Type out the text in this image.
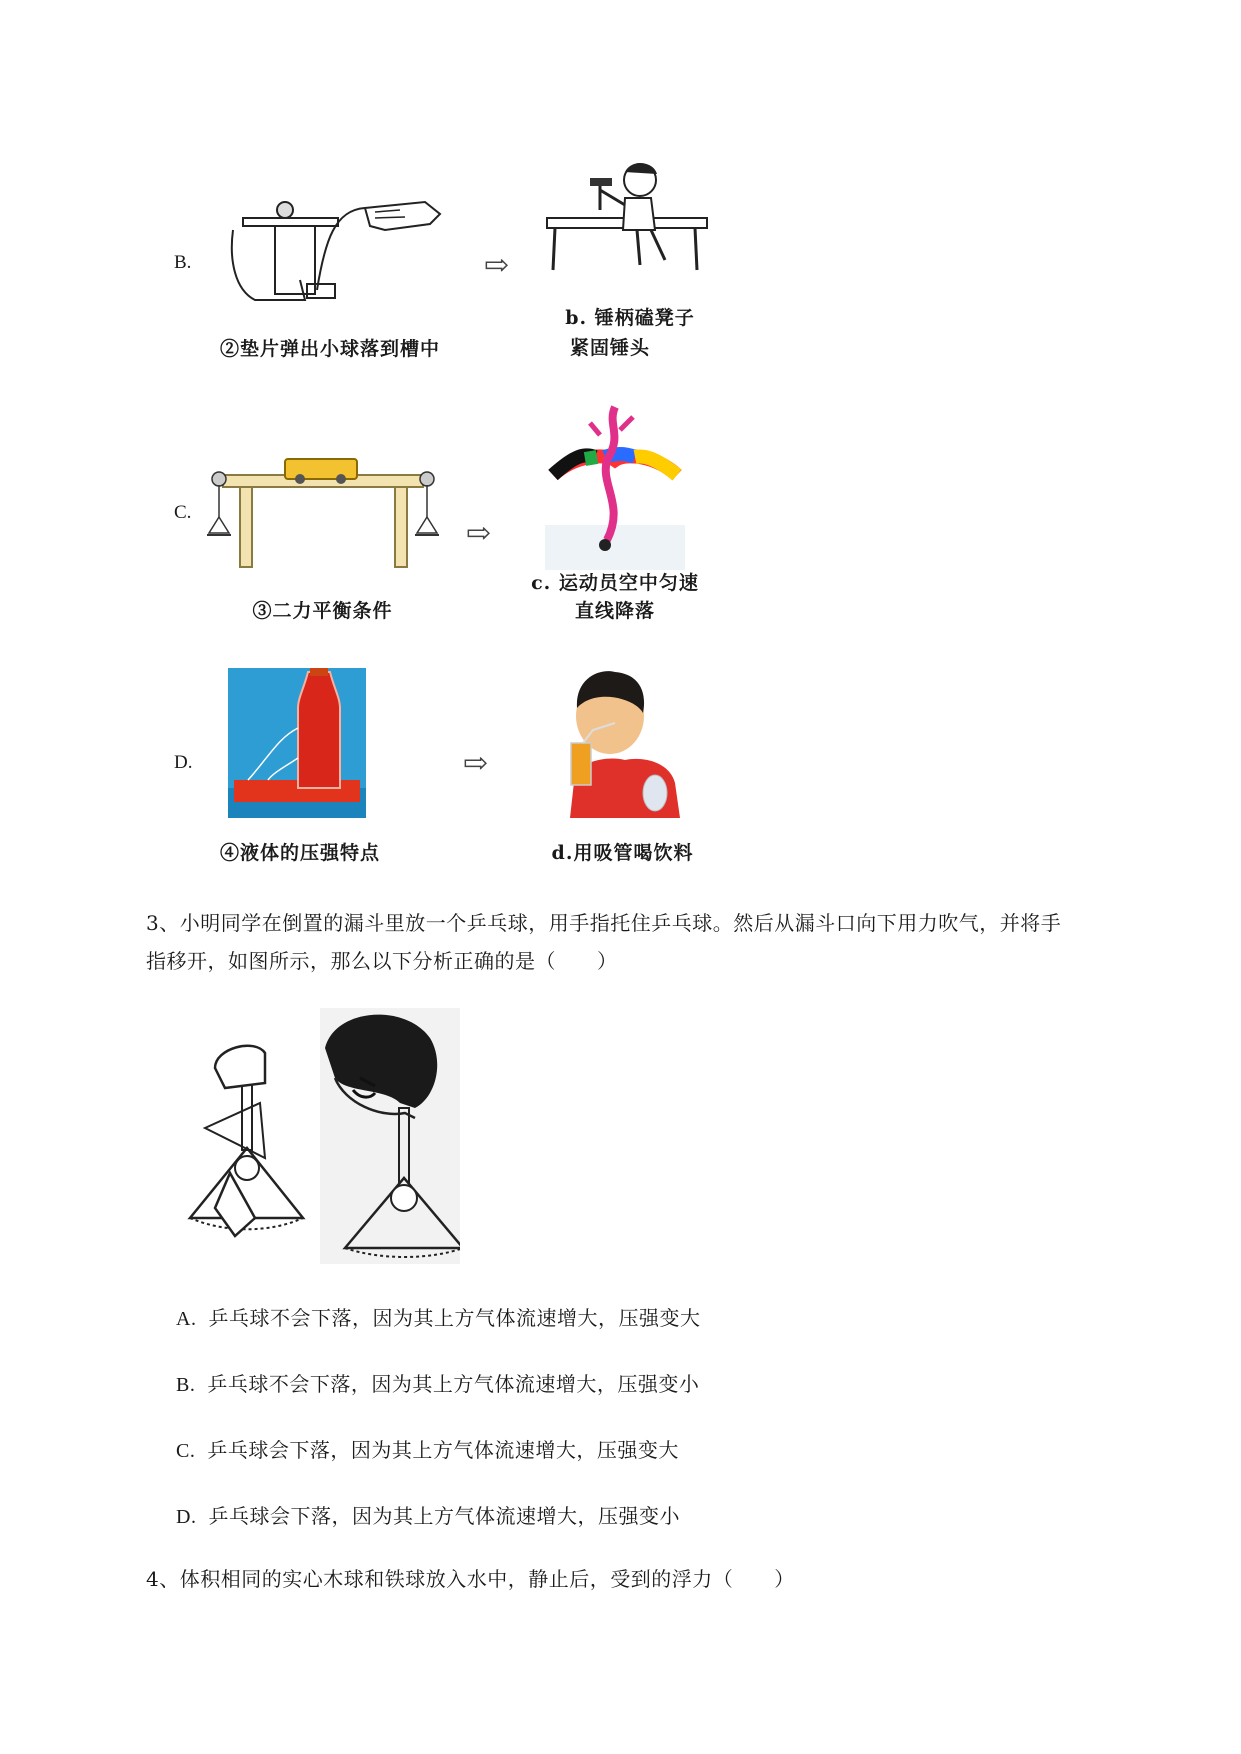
B.
②垫片弹出小球落到槽中
⇨
b. 锤柄磕凳子
紧固锤头
C.
③二力平衡条件
⇨
c. 运动员空中匀速
直线降落
D.
④液体的压强特点
⇨
d.用吸管喝饮料
3、小明同学在倒置的漏斗里放一个乒乓球，用手指托住乒乓球。然后从漏斗口向下用力吹气，并将手
指移开，如图所示，那么以下分析正确的是（　　）
A. 乒乓球不会下落，因为其上方气体流速增大，压强变大
B. 乒乓球不会下落，因为其上方气体流速增大，压强变小
C. 乒乓球会下落，因为其上方气体流速增大，压强变大
D. 乒乓球会下落，因为其上方气体流速增大，压强变小
4、体积相同的实心木球和铁球放入水中，静止后，受到的浮力（　　）
